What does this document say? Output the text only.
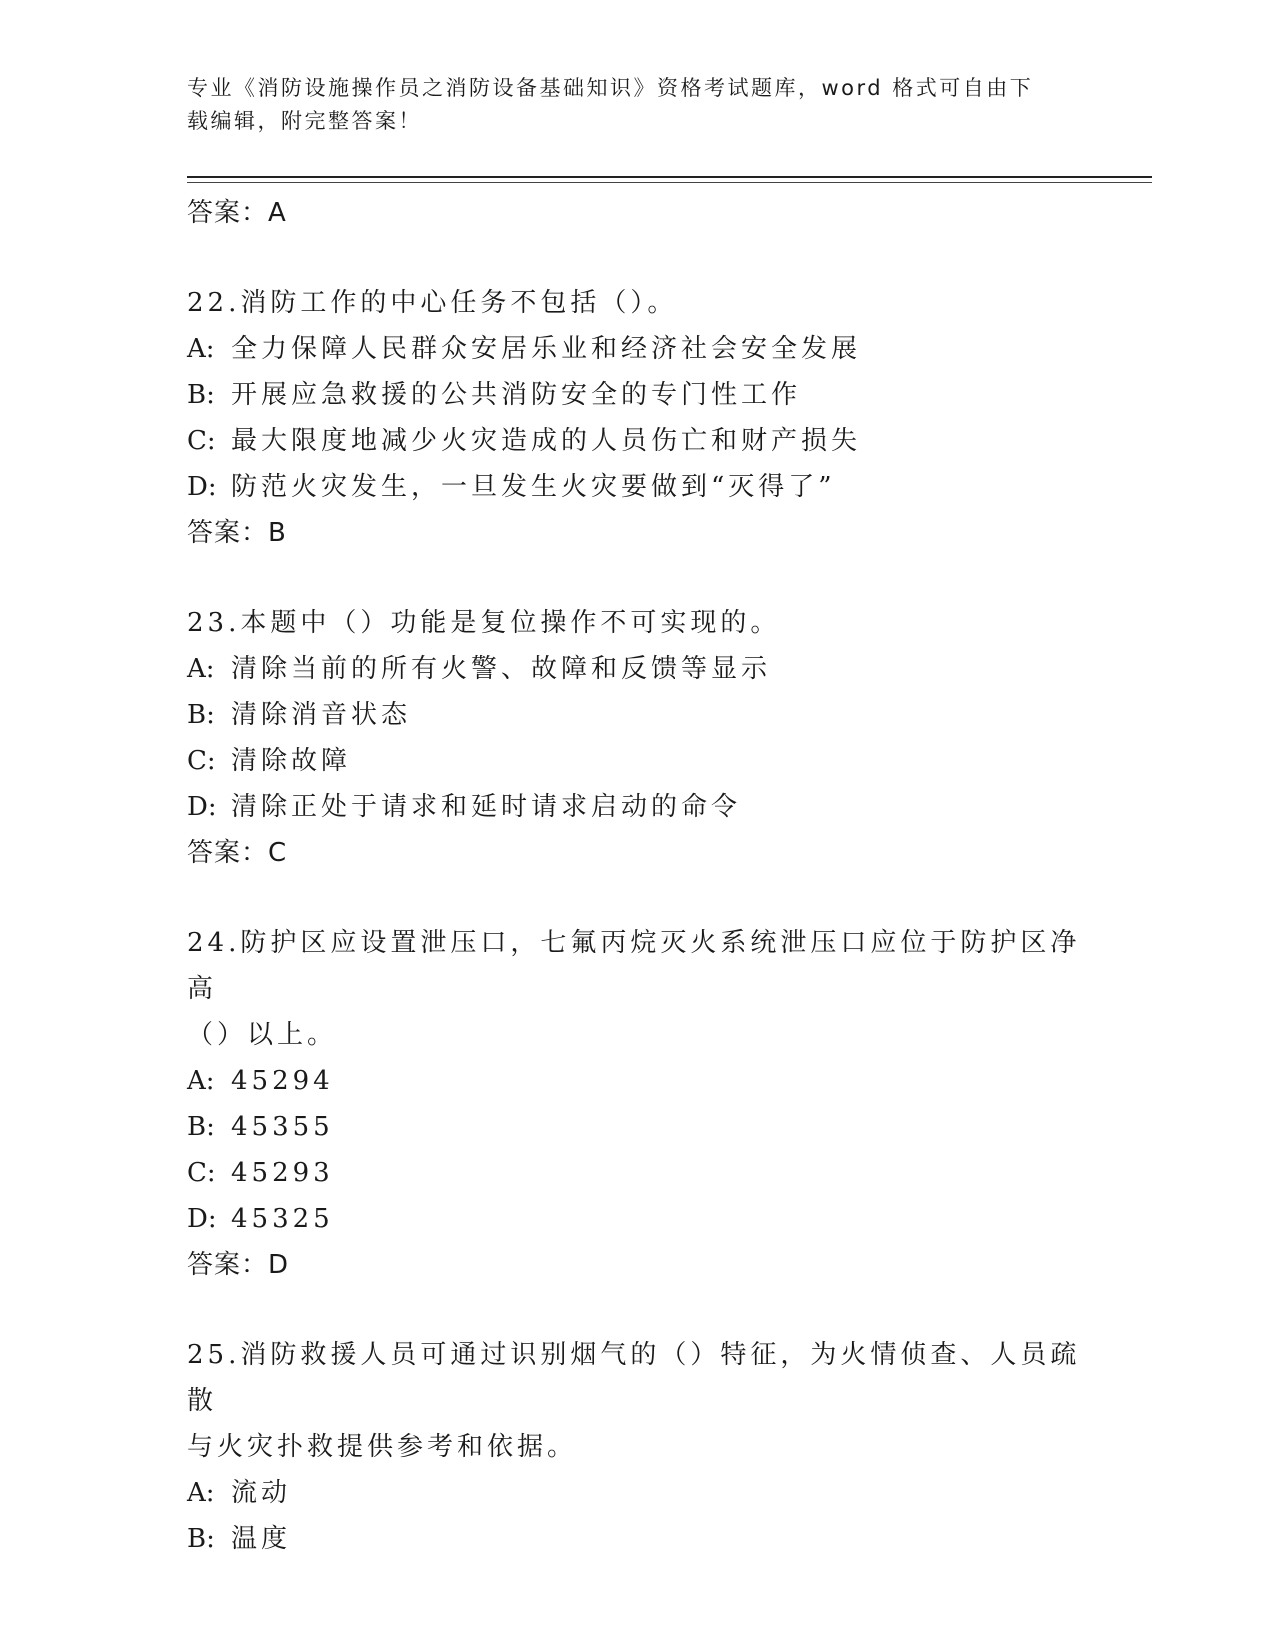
专业《消防设施操作员之消防设备基础知识》资格考试题库，word 格式可自由下
载编辑，附完整答案！
答案：A
22.消防工作的中心任务不包括（）。
A: 全力保障人民群众安居乐业和经济社会安全发展
B: 开展应急救援的公共消防安全的专门性工作
C: 最大限度地减少火灾造成的人员伤亡和财产损失
D: 防范火灾发生，一旦发生火灾要做到“灭得了”
答案：B
23.本题中（）功能是复位操作不可实现的。
A: 清除当前的所有火警、故障和反馈等显示
B: 清除消音状态
C: 清除故障
D: 清除正处于请求和延时请求启动的命令
答案：C
24.防护区应设置泄压口，七氟丙烷灭火系统泄压口应位于防护区净高
（）以上。
A: 45294
B: 45355
C: 45293
D: 45325
答案：D
25.消防救援人员可通过识别烟气的（）特征，为火情侦查、人员疏散
与火灾扑救提供参考和依据。
A: 流动
B: 温度
